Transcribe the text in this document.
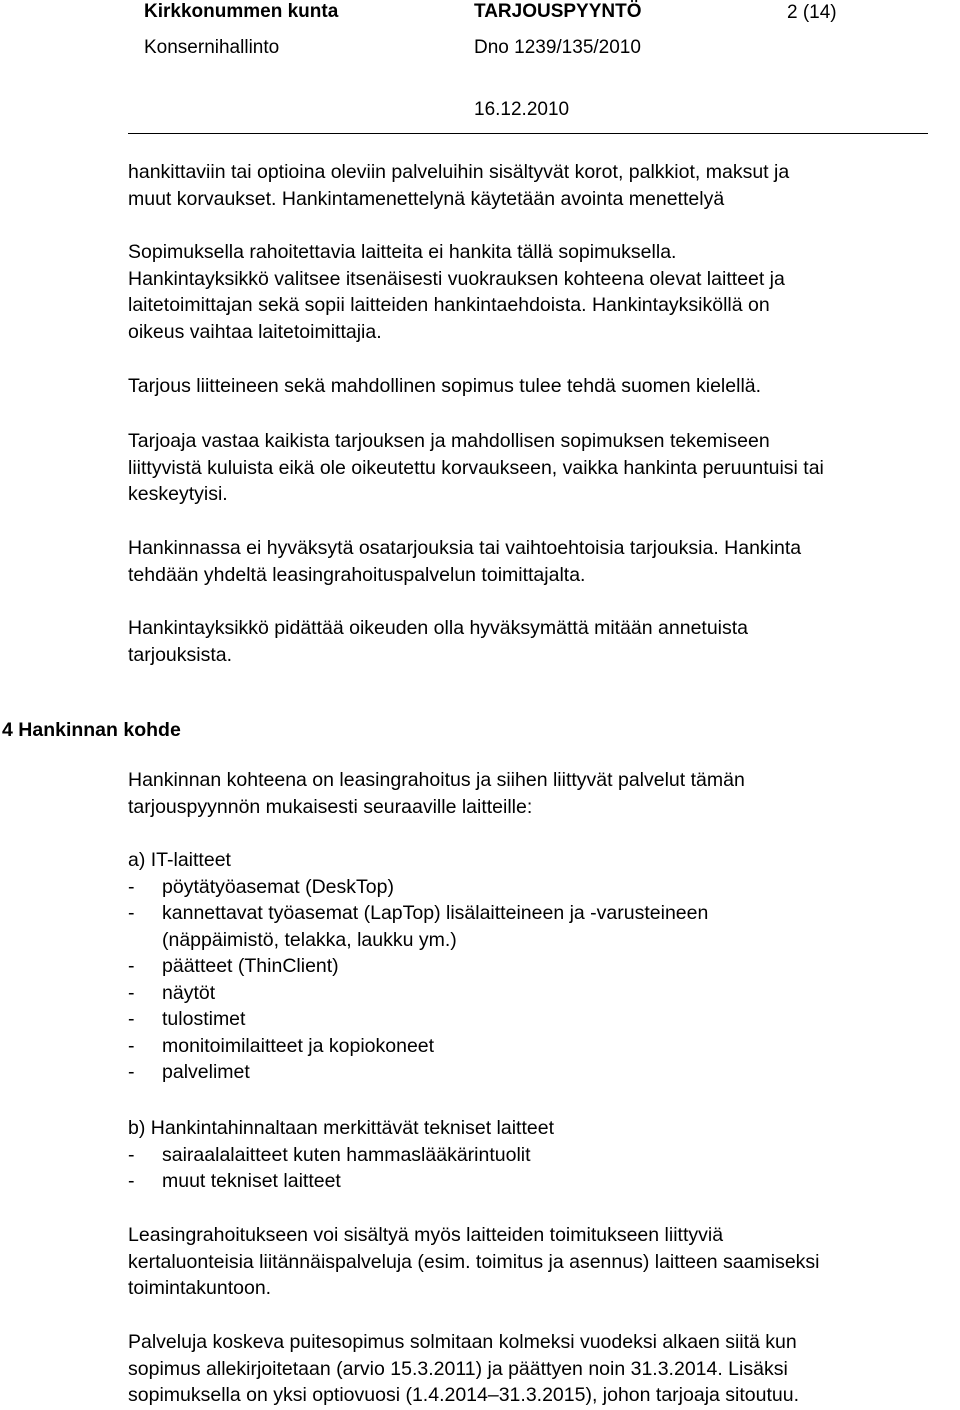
Kirkkonummen kunta	TARJOUSPYYNTÖ	2 (14)
Konsernihallinto	Dno 1239/135/2010
16.12.2010
hankittaviin tai optioina oleviin palveluihin sisältyvät korot, palkkiot, maksut ja
muut korvaukset. Hankintamenettelynä käytetään avointa menettelyä
Sopimuksella rahoitettavia laitteita ei hankita tällä sopimuksella.
Hankintayksikkö valitsee itsenäisesti vuokrauksen kohteena olevat laitteet ja
laitetoimittajan sekä sopii laitteiden hankintaehdoista. Hankintayksiköllä on
oikeus vaihtaa laitetoimittajia.
Tarjous liitteineen sekä mahdollinen sopimus tulee tehdä suomen kielellä.
Tarjoaja vastaa kaikista tarjouksen ja mahdollisen sopimuksen tekemiseen
liittyvistä kuluista eikä ole oikeutettu korvaukseen, vaikka hankinta peruuntuisi tai
keskeytyisi.
Hankinnassa ei hyväksytä osatarjouksia tai vaihtoehtoisia tarjouksia. Hankinta
tehdään yhdeltä leasingrahoituspalvelun toimittajalta.
Hankintayksikkö pidättää oikeuden olla hyväksymättä mitään annetuista
tarjouksista.
4 Hankinnan kohde
Hankinnan kohteena on leasingrahoitus ja siihen liittyvät palvelut tämän
tarjouspyynnön mukaisesti seuraaville laitteille:
a) IT-laitteet
- pöytätyöasemat (DeskTop)
- kannettavat työasemat (LapTop) lisälaitteineen ja -varusteineen
(näppäimistö, telakka, laukku ym.)
- päätteet (ThinClient)
- näytöt
- tulostimet
- monitoimilaitteet ja kopiokoneet
- palvelimet
b) Hankintahinnaltaan merkittävät tekniset laitteet
- sairaalalaitteet kuten hammaslääkärintuolit
- muut tekniset laitteet
Leasingrahoitukseen voi sisältyä myös laitteiden toimitukseen liittyviä
kertaluonteisia liitännäispalveluja (esim. toimitus ja asennus) laitteen saamiseksi
toimintakuntoon.
Palveluja koskeva puitesopimus solmitaan kolmeksi vuodeksi alkaen siitä kun
sopimus allekirjoitetaan (arvio 15.3.2011) ja päättyen noin 31.3.2014. Lisäksi
sopimuksella on yksi optiovuosi (1.4.2014–31.3.2015), johon tarjoaja sitoutuu.
